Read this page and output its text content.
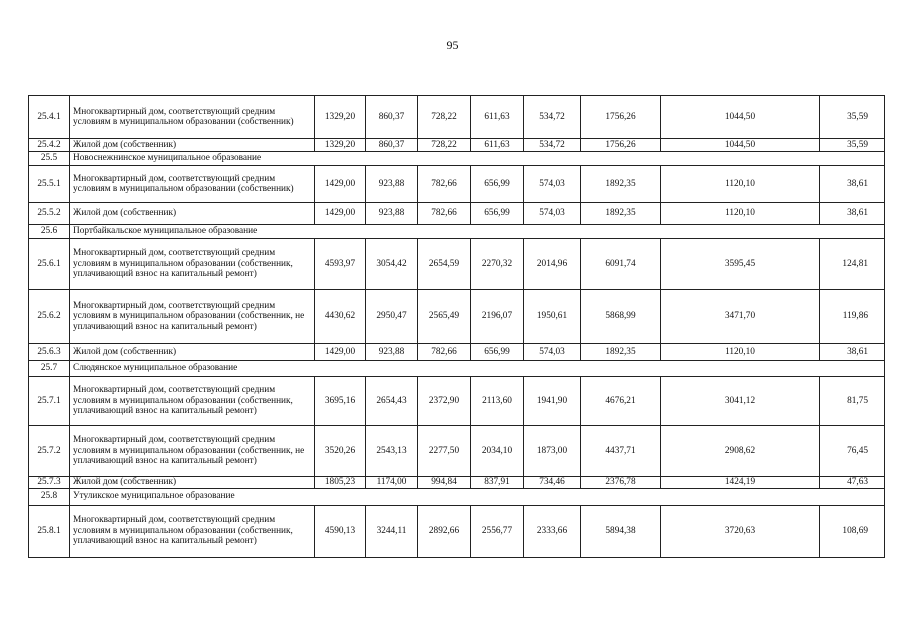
95
25.4.1	Многоквартирный дом, соответствующий средним условиям в муниципальном образовании (собственник)	1329,20	860,37	728,22	611,63	534,72	1756,26	1044,50	35,59
25.4.2	Жилой дом (собственник)	1329,20	860,37	728,22	611,63	534,72	1756,26	1044,50	35,59
25.5	Новоснежнинское муниципальное образование								
25.5.1	Многоквартирный дом, соответствующий средним условиям в муниципальном образовании (собственник)	1429,00	923,88	782,66	656,99	574,03	1892,35	1120,10	38,61
25.5.2	Жилой дом (собственник)	1429,00	923,88	782,66	656,99	574,03	1892,35	1120,10	38,61
25.6	Портбайкальское муниципальное образование								
25.6.1	Многоквартирный дом, соответствующий средним условиям в муниципальном образовании (собственник, уплачивающий взнос на капитальный ремонт)	4593,97	3054,42	2654,59	2270,32	2014,96	6091,74	3595,45	124,81
25.6.2	Многоквартирный дом, соответствующий средним условиям в муниципальном образовании (собственник, не уплачивающий взнос на капитальный ремонт)	4430,62	2950,47	2565,49	2196,07	1950,61	5868,99	3471,70	119,86
25.6.3	Жилой дом (собственник)	1429,00	923,88	782,66	656,99	574,03	1892,35	1120,10	38,61
25.7	Слюдянское муниципальное образование								
25.7.1	Многоквартирный дом, соответствующий средним условиям в муниципальном образовании (собственник, уплачивающий взнос на капитальный ремонт)	3695,16	2654,43	2372,90	2113,60	1941,90	4676,21	3041,12	81,75
25.7.2	Многоквартирный дом, соответствующий средним условиям в муниципальном образовании (собственник, не уплачивающий взнос на капитальный ремонт)	3520,26	2543,13	2277,50	2034,10	1873,00	4437,71	2908,62	76,45
25.7.3	Жилой дом (собственник)	1805,23	1174,00	994,84	837,91	734,46	2376,78	1424,19	47,63
25.8	Утуликское муниципальное образование								
25.8.1	Многоквартирный дом, соответствующий средним условиям в муниципальном образовании (собственник, уплачивающий взнос на капитальный ремонт)	4590,13	3244,11	2892,66	2556,77	2333,66	5894,38	3720,63	108,69
